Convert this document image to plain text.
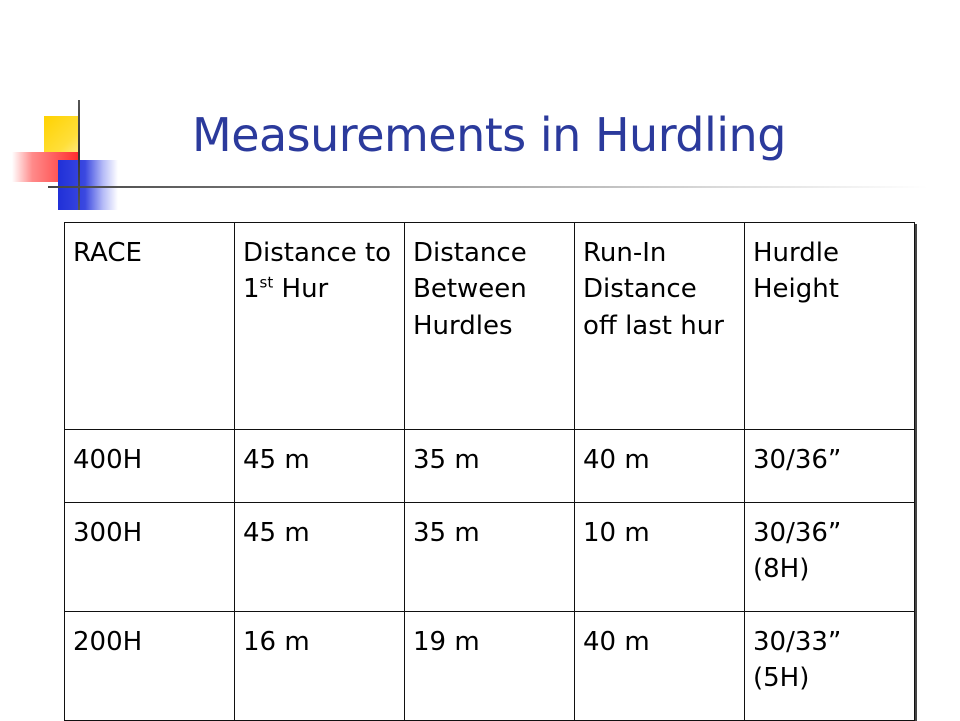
Measurements in Hurdling
RACE	Distance to 1st Hur	Distance Between Hurdles	Run-In Distance off last hur	Hurdle Height
400H	45 m	35 m	40 m	30/36”

300H	45 m	35 m	10 m	30/36”
(8H)

200H	16 m	19 m	40 m	30/33”
(5H)
